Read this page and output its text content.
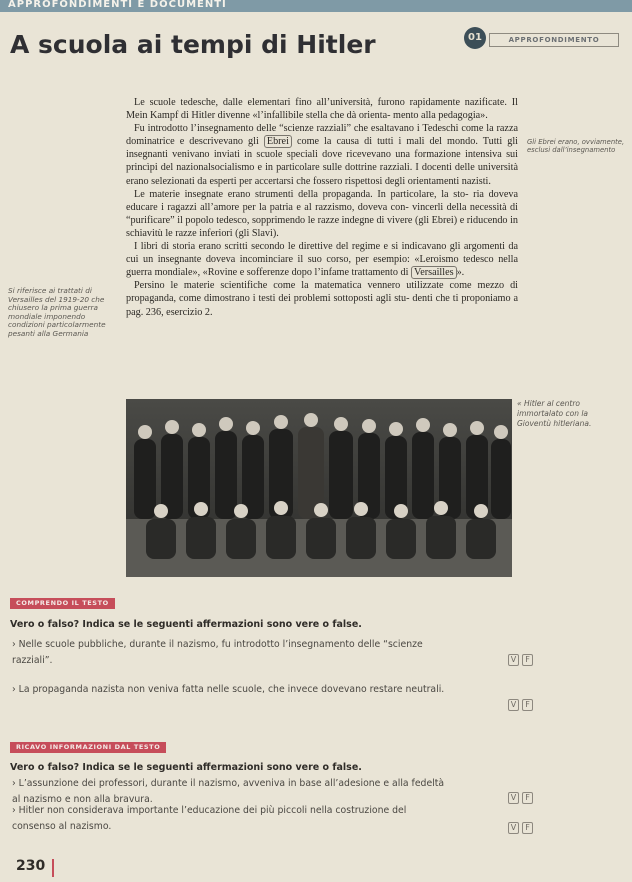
APPROFONDIMENTI E DOCUMENTI
A scuola ai tempi di Hitler	01	APPROFONDIMENTO

Le scuole tedesche, dalle elementari fino all’università, furono rapidamente nazificate. Il Mein Kampf di Hitler divenne «l’infallibile stella che dà orienta- mento alla pedagogia».

Fu introdotto l’insegnamento delle “scienze razziali” che esaltavano i Tedeschi come la razza dominatrice e descrivevano gli Ebrei come la causa di tutti i mali del mondo. Tutti gli insegnanti venivano inviati in scuole speciali dove ricevevano una formazione intensiva sui princìpi del nazionalsocialismo e in particolare sulle dottrine razziali. I docenti delle università erano selezionati da esperti per accertarsi che fossero rispettosi degli orientamenti nazisti.

Le materie insegnate erano strumenti della propaganda. In particolare, la sto- ria doveva educare i ragazzi all’amore per la patria e al razzismo, doveva con- vincerli della necessità di “purificare” il popolo tedesco, sopprimendo le razze indegne di vivere (gli Ebrei) e riducendo in schiavitù le razze inferiori (gli Slavi).

I libri di storia erano scritti secondo le direttive del regime e si indicavano gli argomenti da cui un insegnante doveva incominciare il suo corso, per esempio: «Leroismo tedesco nella guerra mondiale», «Rovine e sofferenze dopo l’infame trattamento di Versailles ».

Persino le materie scientifiche come la matematica vennero utilizzate come mezzo di propaganda, come dimostrano i testi dei problemi sottoposti agli stu- denti che ti proponiamo a pag. 236, esercizio 2.

Gli Ebrei erano, ovviamente, esclusi dall’insegnamento
Si riferisce ai trattati di Versailles del 1919-20 che chiusero la prima guerra mondiale imponendo condizioni particolarmente pesanti alla Germania
« Hitler al centro immortalato con la Gioventù hitleriana.
COMPRENDO IL TESTO
Vero o falso? Indica se le seguenti affermazioni sono vere o false.
› Nelle scuole pubbliche, durante il nazismo, fu introdotto l’insegnamento delle “scienze razziali”.	V F
› La propaganda nazista non veniva fatta nelle scuole, che invece dovevano restare neutrali.
V F
RICAVO INFORMAZIONI DAL TESTO
Vero o falso? Indica se le seguenti affermazioni sono vere o false.
› L’assunzione dei professori, durante il nazismo, avveniva in base all’adesione e alla fedeltà al nazismo e non alla bravura.	V F
› Hitler non considerava importante l’educazione dei più piccoli nella costruzione del consenso al nazismo.	V F
230
